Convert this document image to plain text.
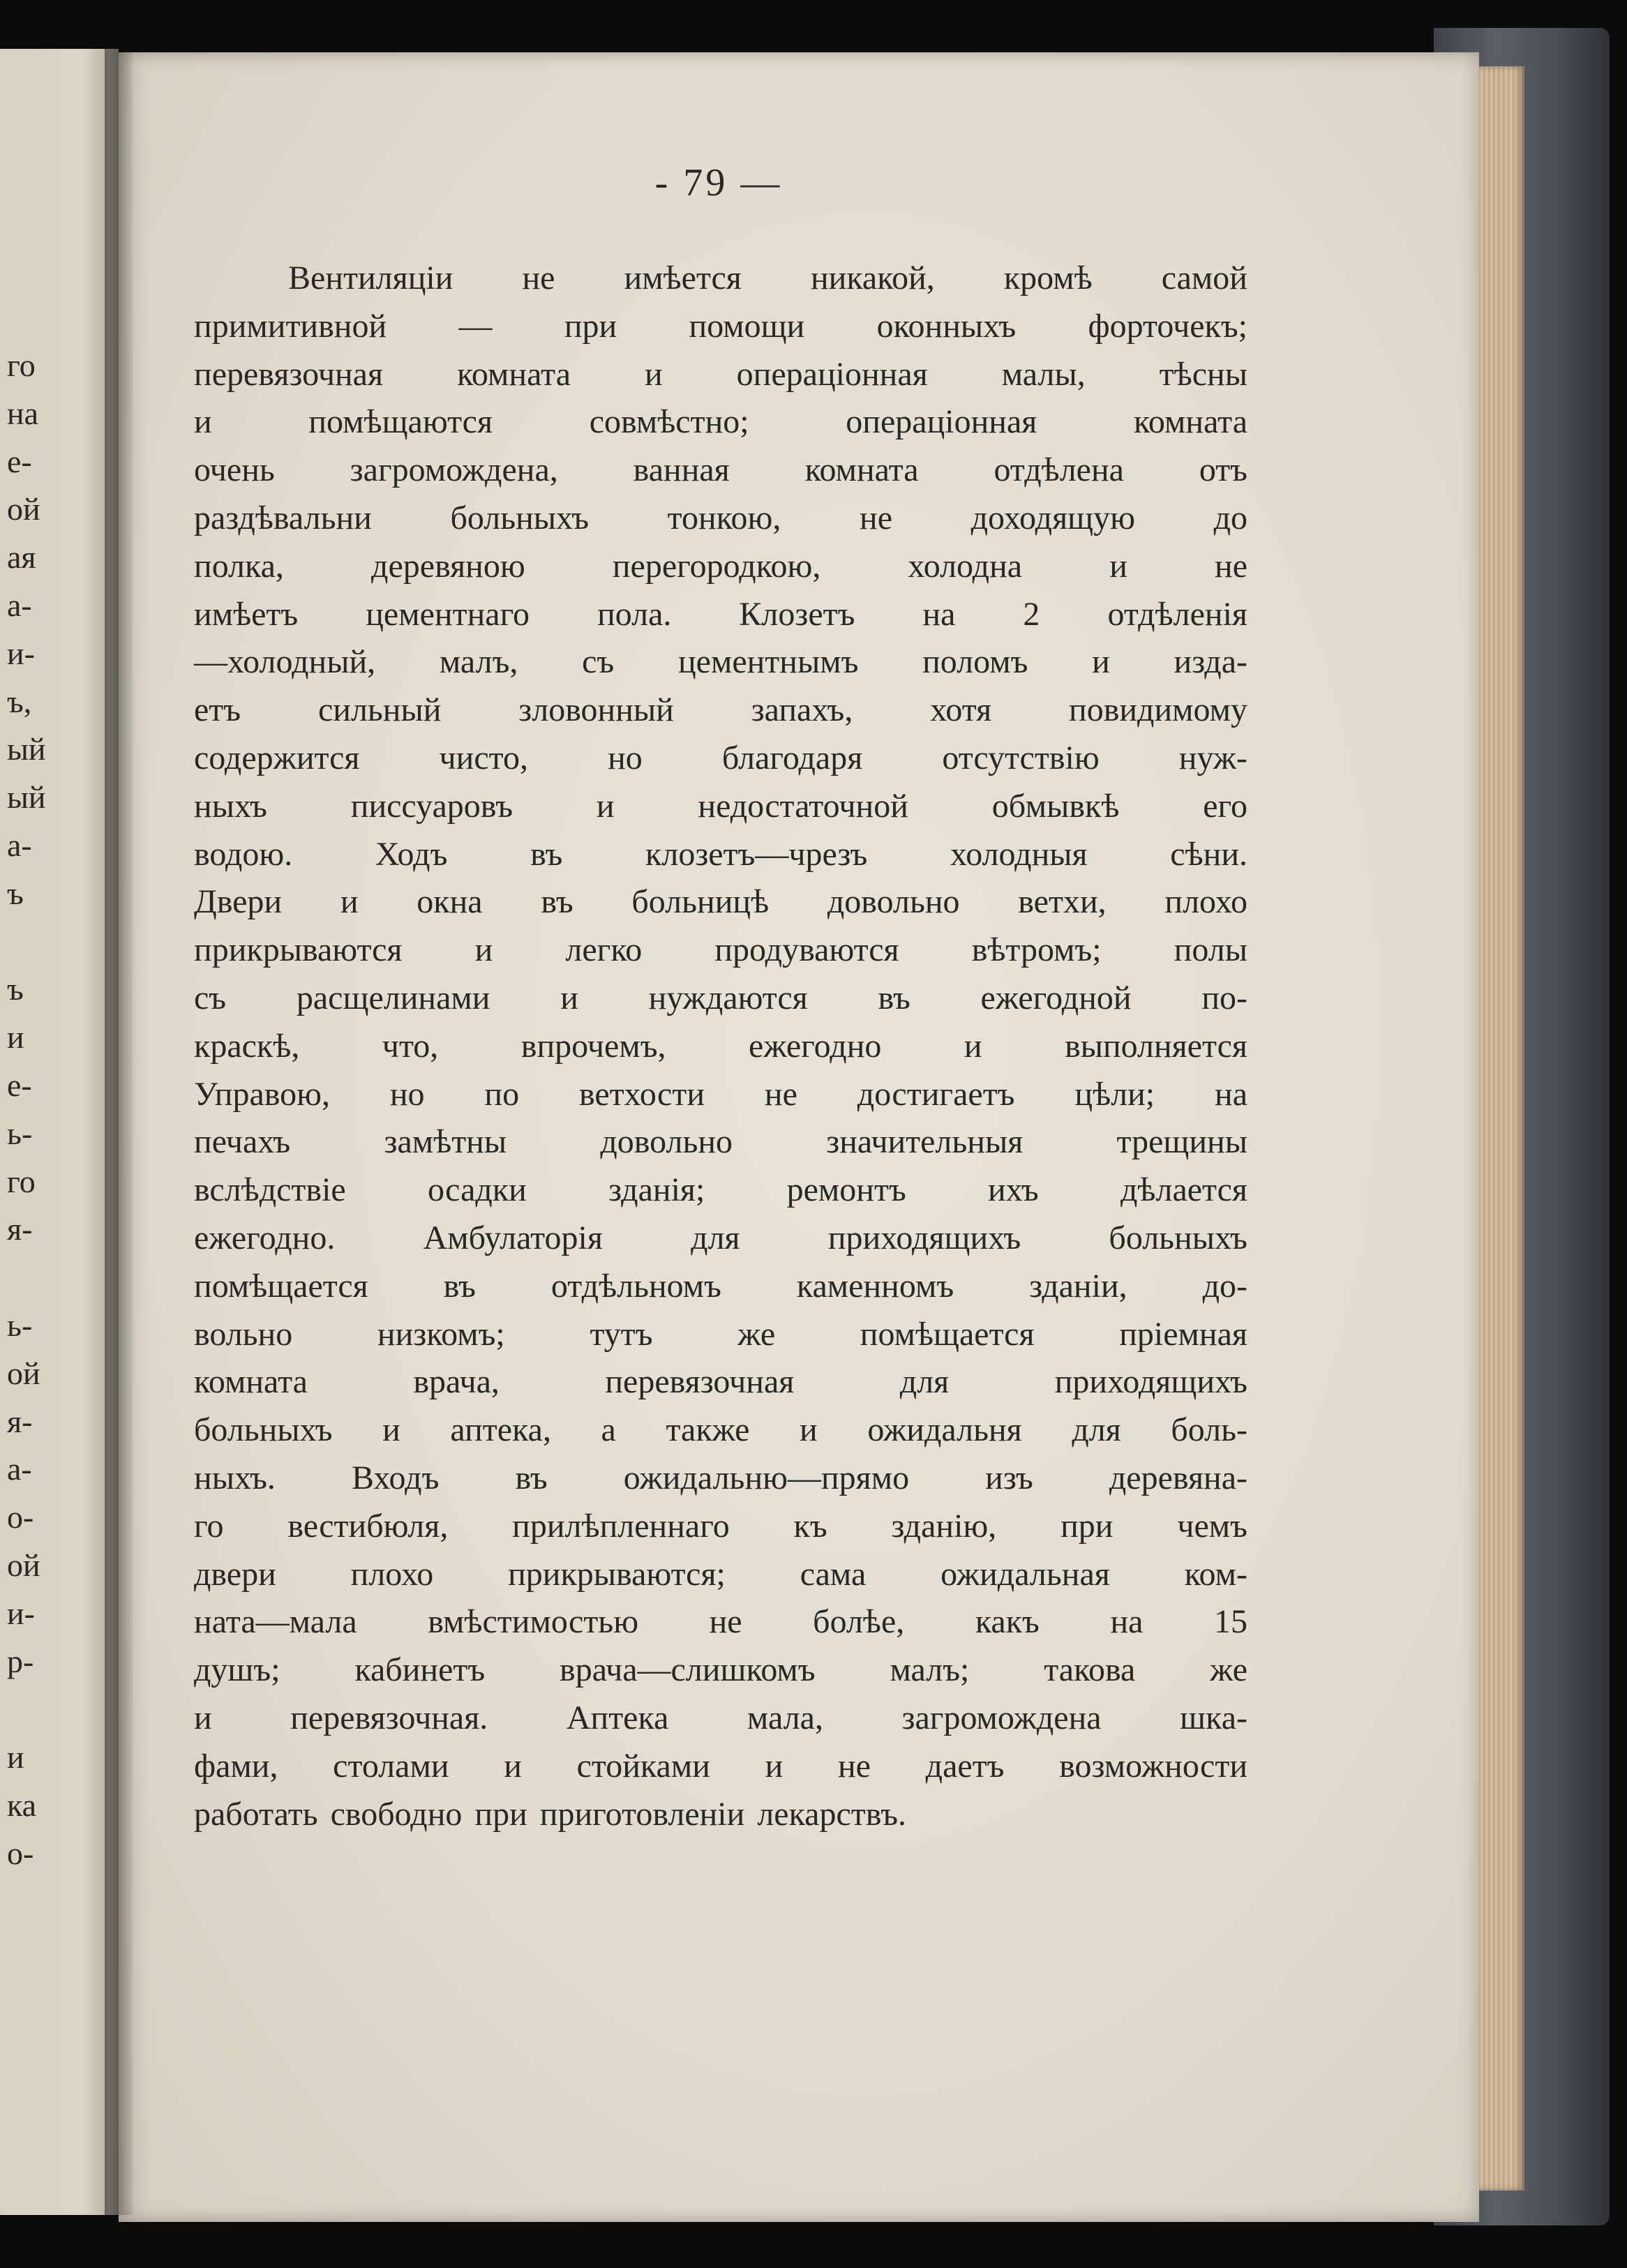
го
на
е-
ой
ая
а-
и-
ъ,
ый
ый
а-
ъ
ъ
и
е-
ь-
го
я-
ь-
ой
я-
а-
о-
ой
и-
р-
и
ка
о-
- 79 —
Вентиляціи не имѣется никакой, кромѣ самой
примитивной — при помощи оконныхъ форточекъ;
перевязочная комната и операціонная малы, тѣсны
и помѣщаются совмѣстно; операціонная комната
очень загромождена, ванная комната отдѣлена отъ
раздѣвальни больныхъ тонкою, не доходящую до
полка, деревяною перегородкою, холодна и не
имѣетъ цементнаго пола. Клозетъ на 2 отдѣленія
—холодный, малъ, съ цементнымъ поломъ и изда-
етъ сильный зловонный запахъ, хотя повидимому
содержится чисто, но благодаря отсутствію нуж-
ныхъ писсуаровъ и недостаточной обмывкѣ его
водою. Ходъ въ клозетъ—чрезъ холодныя сѣни.
Двери и окна въ больницѣ довольно ветхи, плохо
прикрываются и легко продуваются вѣтромъ; полы
съ расщелинами и нуждаются въ ежегодной по-
краскѣ, что, впрочемъ, ежегодно и выполняется
Управою, но по ветхости не достигаетъ цѣли; на
печахъ замѣтны довольно значительныя трещины
вслѣдствіе осадки зданія; ремонтъ ихъ дѣлается
ежегодно. Амбулаторія для приходящихъ больныхъ
помѣщается въ отдѣльномъ каменномъ зданіи, до-
вольно низкомъ; тутъ же помѣщается пріемная
комната врача, перевязочная для приходящихъ
больныхъ и аптека, а также и ожидальня для боль-
ныхъ. Входъ въ ожидальню—прямо изъ деревяна-
го вестибюля, прилѣпленнаго къ зданію, при чемъ
двери плохо прикрываются; сама ожидальная ком-
ната—мала вмѣстимостью не болѣе, какъ на 15
душъ; кабинетъ врача—слишкомъ малъ; такова же
и перевязочная. Аптека мала, загромождена шка-
фами, столами и стойками и не даетъ возможности
работать свободно при приготовленіи лекарствъ.
